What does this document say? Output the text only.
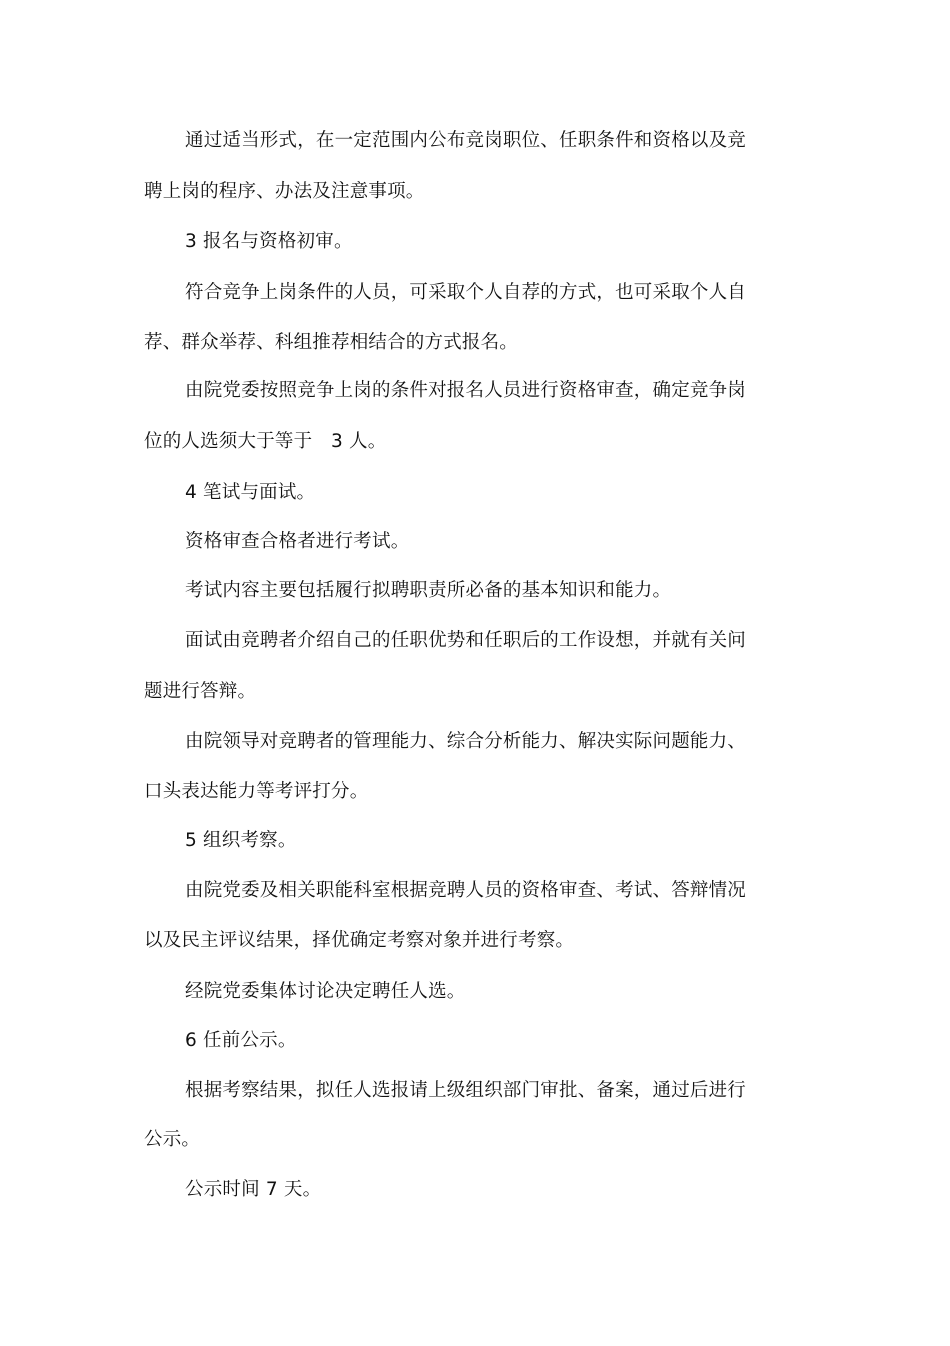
通过适当形式，在一定范围内公布竞岗职位、任职条件和资格以及竞
聘上岗的程序、办法及注意事项。
3 报名与资格初审。
符合竞争上岗条件的人员，可采取个人自荐的方式，也可采取个人自
荐、群众举荐、科组推荐相结合的方式报名。
由院党委按照竞争上岗的条件对报名人员进行资格审查，确定竞争岗
位的人选须大于等于　3 人。
4 笔试与面试。
资格审查合格者进行考试。
考试内容主要包括履行拟聘职责所必备的基本知识和能力。
面试由竞聘者介绍自己的任职优势和任职后的工作设想，并就有关问
题进行答辩。
由院领导对竞聘者的管理能力、综合分析能力、解决实际问题能力、
口头表达能力等考评打分。
5 组织考察。
由院党委及相关职能科室根据竞聘人员的资格审查、考试、答辩情况
以及民主评议结果，择优确定考察对象并进行考察。
经院党委集体讨论决定聘任人选。
6 任前公示。
根据考察结果，拟任人选报请上级组织部门审批、备案，通过后进行
公示。
公示时间 7 天。
